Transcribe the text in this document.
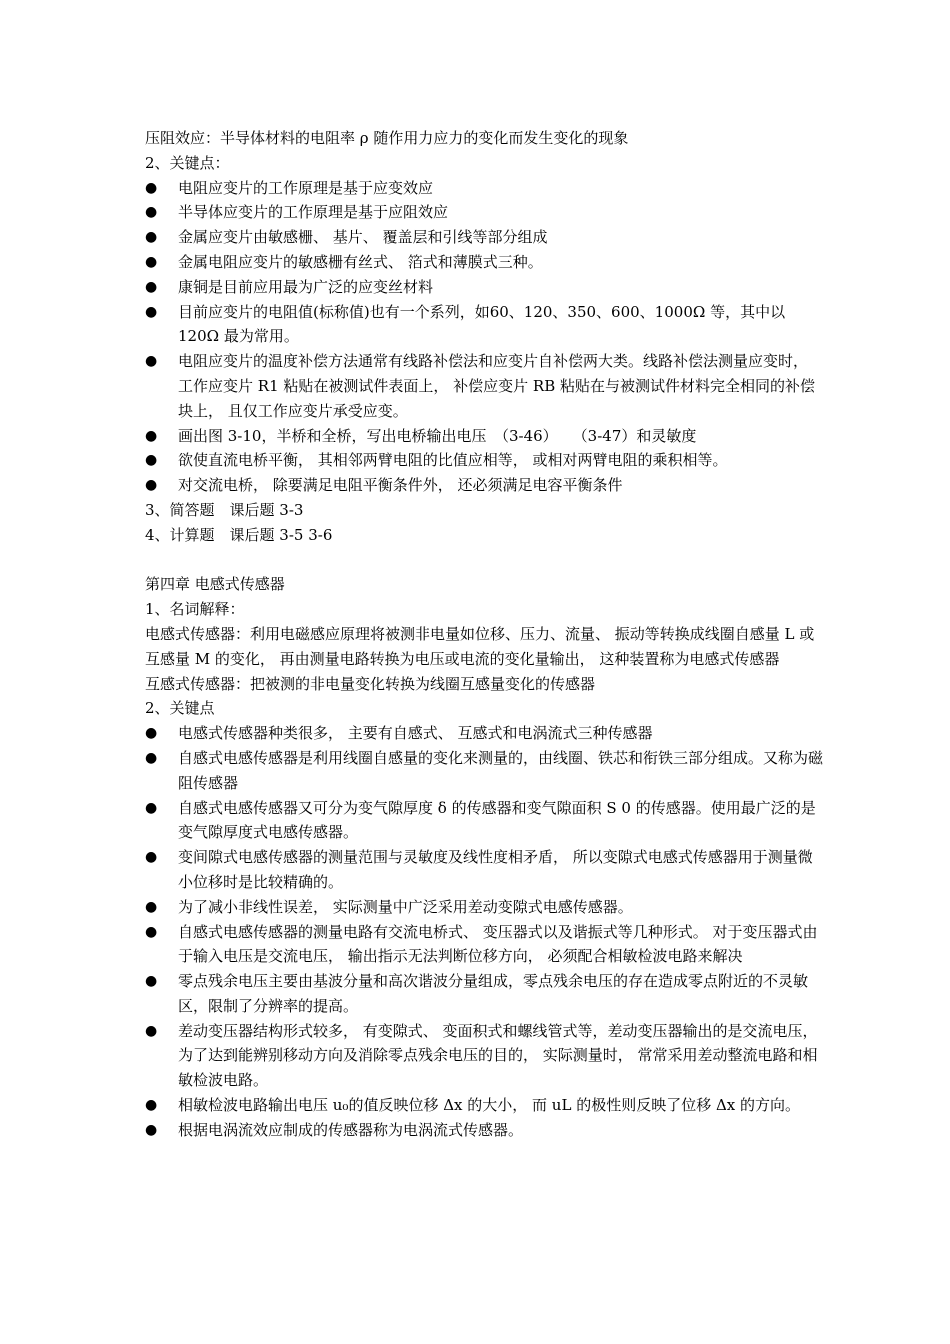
压阻效应：半导体材料的电阻率 ρ 随作用力应力的变化而发生变化的现象

2、关键点：

●	电阻应变片的工作原理是基于应变效应

●	半导体应变片的工作原理是基于应阻效应

●	金属应变片由敏感栅、 基片、 覆盖层和引线等部分组成

●	金属电阻应变片的敏感栅有丝式、 箔式和薄膜式三种。

●	康铜是目前应用最为广泛的应变丝材料

●	目前应变片的电阻值(标称值)也有一个系列，如60、120、350、600、1000Ω 等，其中以120Ω 最为常用。

●	电阻应变片的温度补偿方法通常有线路补偿法和应变片自补偿两大类。线路补偿法测量应变时， 工作应变片 R1 粘贴在被测试件表面上， 补偿应变片 RB 粘贴在与被测试件材料完全相同的补偿块上， 且仅工作应变片承受应变。

●	画出图 3-10，半桥和全桥，写出电桥输出电压　（3-46）　　（3-47）和灵敏度

●	欲使直流电桥平衡， 其相邻两臂电阻的比值应相等， 或相对两臂电阻的乘积相等。

●	对交流电桥， 除要满足电阻平衡条件外， 还必须满足电容平衡条件

3、简答题　课后题 3-3

4、计算题　课后题 3-5 3-6

第四章 电感式传感器

1、名词解释：

电感式传感器：利用电磁感应原理将被测非电量如位移、压力、流量、 振动等转换成线圈自感量 L 或互感量 M 的变化， 再由测量电路转换为电压或电流的变化量输出， 这种装置称为电感式传感器

互感式传感器：把被测的非电量变化转换为线圈互感量变化的传感器

2、关键点

●	电感式传感器种类很多， 主要有自感式、 互感式和电涡流式三种传感器

●	自感式电感传感器是利用线圈自感量的变化来测量的，由线圈、铁芯和衔铁三部分组成。又称为磁阻传感器

●	自感式电感传感器又可分为变气隙厚度 δ 的传感器和变气隙面积 S 0 的传感器。使用最广泛的是变气隙厚度式电感传感器。

●	变间隙式电感传感器的测量范围与灵敏度及线性度相矛盾， 所以变隙式电感式传感器用于测量微小位移时是比较精确的。

●	为了减小非线性误差， 实际测量中广泛采用差动变隙式电感传感器。

●	自感式电感传感器的测量电路有交流电桥式、 变压器式以及谐振式等几种形式。 对于变压器式由于输入电压是交流电压， 输出指示无法判断位移方向， 必须配合相敏检波电路来解决

●	零点残余电压主要由基波分量和高次谐波分量组成，零点残余电压的存在造成零点附近的不灵敏区，限制了分辨率的提高。

●	差动变压器结构形式较多， 有变隙式、 变面积式和螺线管式等，差动变压器输出的是交流电压， 为了达到能辨别移动方向及消除零点残余电压的目的， 实际测量时， 常常采用差动整流电路和相敏检波电路。

●	相敏检波电路输出电压 u₀的值反映位移 Δx 的大小， 而 uL 的极性则反映了位移 Δx 的方向。

●	根据电涡流效应制成的传感器称为电涡流式传感器。
